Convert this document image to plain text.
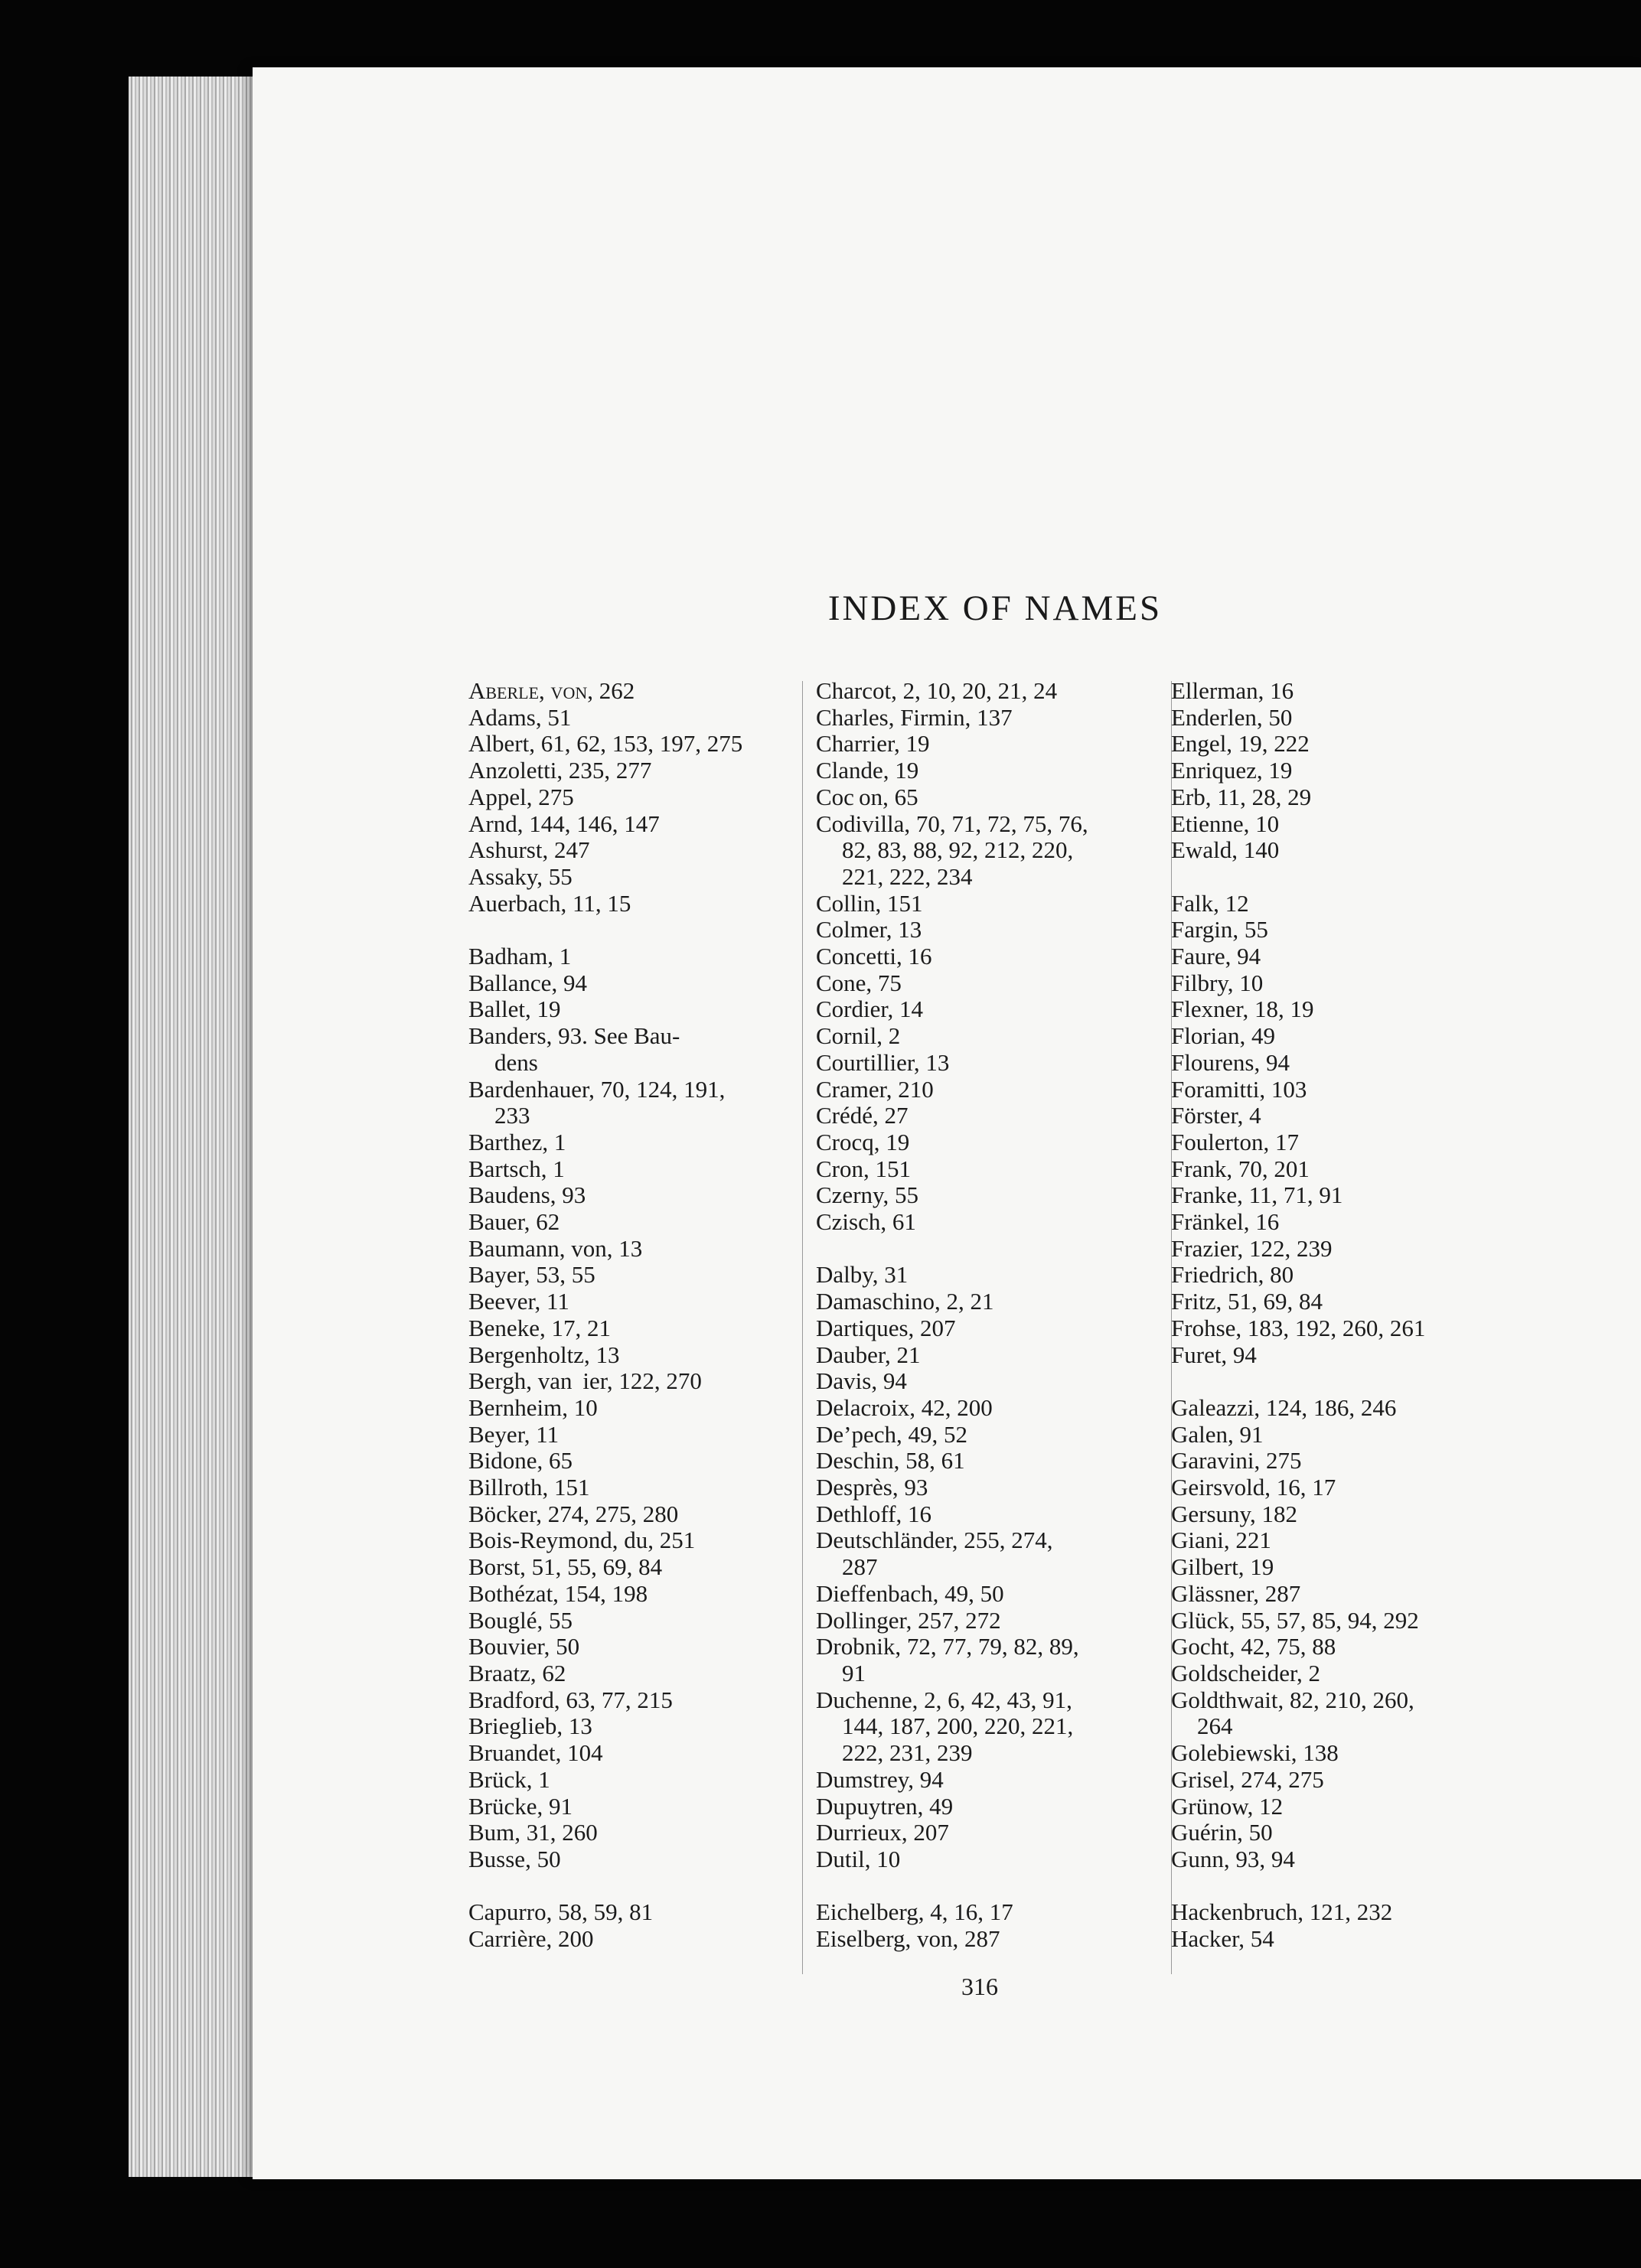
INDEX OF NAMES
Aberle, von, 262
Adams, 51
Albert, 61, 62, 153, 197, 275
Anzoletti, 235, 277
Appel, 275
Arnd, 144, 146, 147
Ashurst, 247
Assaky, 55
Auerbach, 11, 15
Badham, 1
Ballance, 94
Ballet, 19
Banders, 93. See Bau-
dens
Bardenhauer, 70, 124, 191,
233
Barthez, 1
Bartsch, 1
Baudens, 93
Bauer, 62
Baumann, von, 13
Bayer, 53, 55
Beever, 11
Beneke, 17, 21
Bergenholtz, 13
Bergh, van  ier, 122, 270
Bernheim, 10
Beyer, 11
Bidone, 65
Billroth, 151
Böcker, 274, 275, 280
Bois-Reymond, du, 251
Borst, 51, 55, 69, 84
Bothézat, 154, 198
Bouglé, 55
Bouvier, 50
Braatz, 62
Bradford, 63, 77, 215
Brieglieb, 13
Bruandet, 104
Brück, 1
Brücke, 91
Bum, 31, 260
Busse, 50
Capurro, 58, 59, 81
Carrière, 200
Charcot, 2, 10, 20, 21, 24
Charles, Firmin, 137
Charrier, 19
Clande, 19
Coc on, 65
Codivilla, 70, 71, 72, 75, 76,
82, 83, 88, 92, 212, 220,
221, 222, 234
Collin, 151
Colmer, 13
Concetti, 16
Cone, 75
Cordier, 14
Cornil, 2
Courtillier, 13
Cramer, 210
Crédé, 27
Crocq, 19
Cron, 151
Czerny, 55
Czisch, 61
Dalby, 31
Damaschino, 2, 21
Dartiques, 207
Dauber, 21
Davis, 94
Delacroix, 42, 200
De’pech, 49, 52
Deschin, 58, 61
Desprès, 93
Dethloff, 16
Deutschländer, 255, 274,
287
Dieffenbach, 49, 50
Dollinger, 257, 272
Drobnik, 72, 77, 79, 82, 89,
91
Duchenne, 2, 6, 42, 43, 91,
144, 187, 200, 220, 221,
222, 231, 239
Dumstrey, 94
Dupuytren, 49
Durrieux, 207
Dutil, 10
Eichelberg, 4, 16, 17
Eiselberg, von, 287
Ellerman, 16
Enderlen, 50
Engel, 19, 222
Enriquez, 19
Erb, 11, 28, 29
Etienne, 10
Ewald, 140
Falk, 12
Fargin, 55
Faure, 94
Filbry, 10
Flexner, 18, 19
Florian, 49
Flourens, 94
Foramitti, 103
Förster, 4
Foulerton, 17
Frank, 70, 201
Franke, 11, 71, 91
Fränkel, 16
Frazier, 122, 239
Friedrich, 80
Fritz, 51, 69, 84
Frohse, 183, 192, 260, 261
Furet, 94
Galeazzi, 124, 186, 246
Galen, 91
Garavini, 275
Geirsvold, 16, 17
Gersuny, 182
Giani, 221
Gilbert, 19
Glässner, 287
Glück, 55, 57, 85, 94, 292
Gocht, 42, 75, 88
Goldscheider, 2
Goldthwait, 82, 210, 260,
264
Golebiewski, 138
Grisel, 274, 275
Grünow, 12
Guérin, 50
Gunn, 93, 94
Hackenbruch, 121, 232
Hacker, 54
316
